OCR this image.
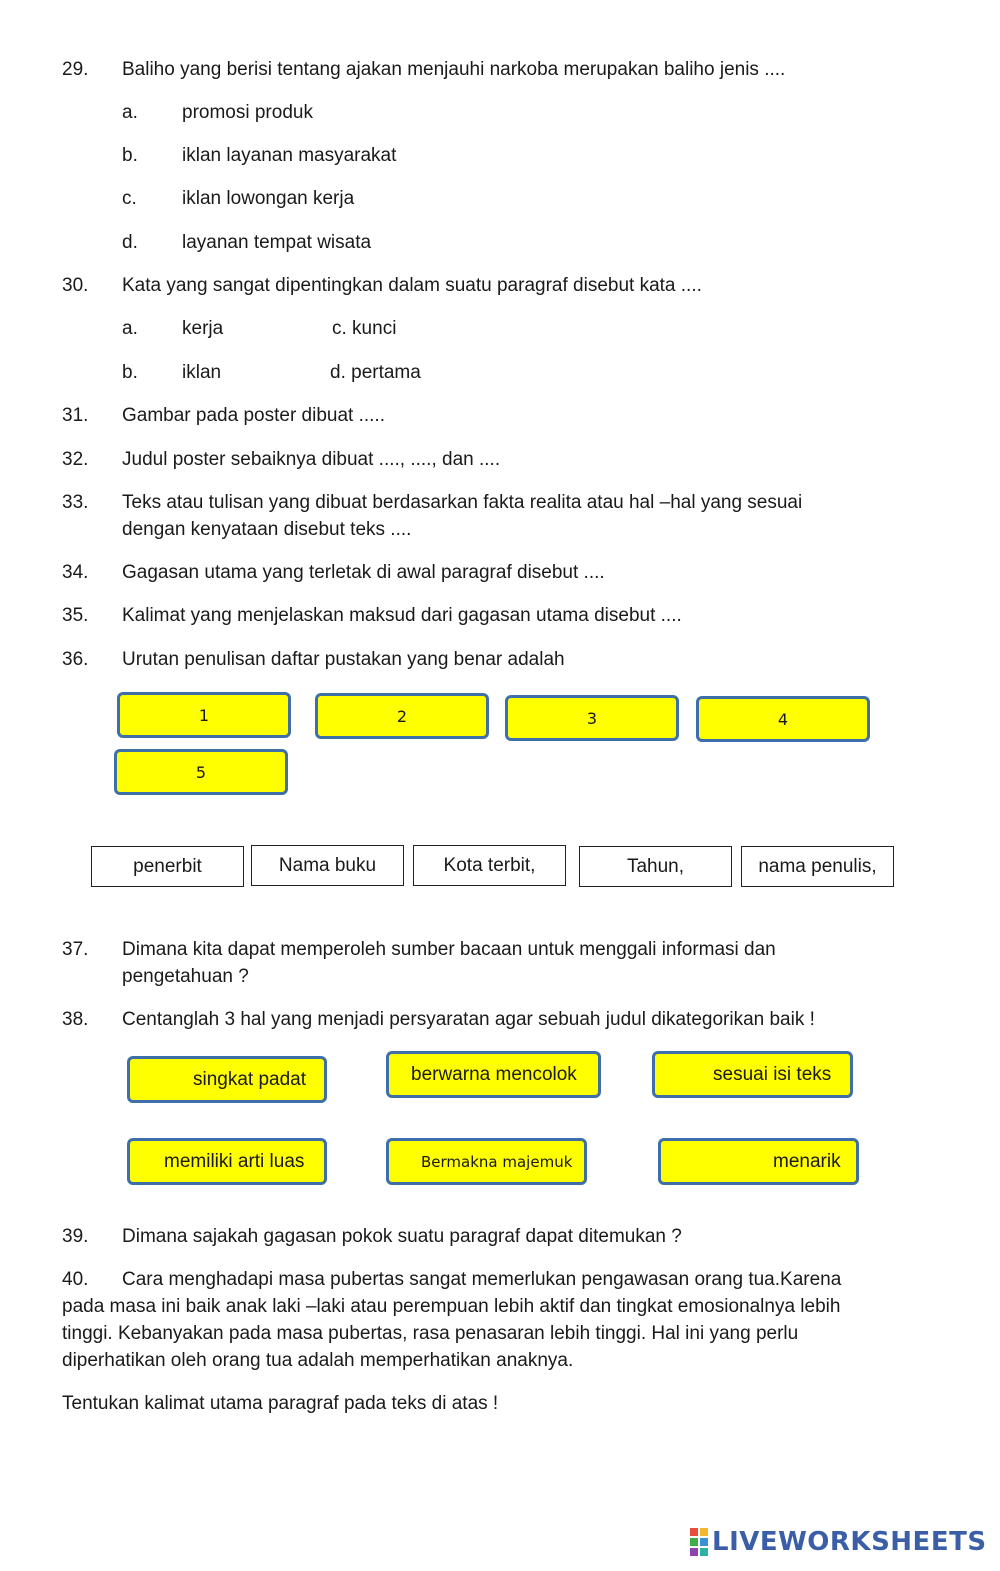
29. Baliho yang berisi tentang ajakan menjauhi narkoba merupakan baliho jenis ....
a. promosi produk
b. iklan layanan masyarakat
c. iklan lowongan kerja
d. layanan tempat wisata
30. Kata yang sangat dipentingkan dalam suatu paragraf disebut kata ....
a. kerja	c. kunci
b. iklan	d. pertama
31. Gambar pada poster dibuat .....
32. Judul poster sebaiknya dibuat ...., ...., dan ....
33. Teks atau tulisan yang dibuat berdasarkan fakta realita atau hal –hal yang sesuai
dengan kenyataan disebut teks ....
34. Gagasan utama yang terletak di awal paragraf disebut ....
35. Kalimat yang menjelaskan maksud dari gagasan utama disebut ....
36. Urutan penulisan daftar pustakan yang benar adalah
1	2	3	4
5
penerbit	Nama buku	Kota terbit,	Tahun,	nama penulis,
37. Dimana kita dapat memperoleh sumber bacaan untuk menggali informasi dan
pengetahuan ?
38. Centanglah 3 hal yang menjadi persyaratan agar sebuah judul dikategorikan baik !
singkat padat	berwarna mencolok	sesuai isi teks
memiliki arti luas	Bermakna majemuk	menarik
39. Dimana sajakah gagasan pokok suatu paragraf dapat ditemukan ?
40. Cara menghadapi masa pubertas sangat memerlukan pengawasan orang tua.Karena
pada masa ini baik anak laki –laki atau perempuan lebih aktif dan tingkat emosionalnya lebih
tinggi. Kebanyakan pada masa pubertas, rasa penasaran lebih tinggi. Hal ini yang perlu
diperhatikan oleh orang tua adalah memperhatikan anaknya.
Tentukan kalimat utama paragraf pada teks di atas !
LIVEWORKSHEETS
